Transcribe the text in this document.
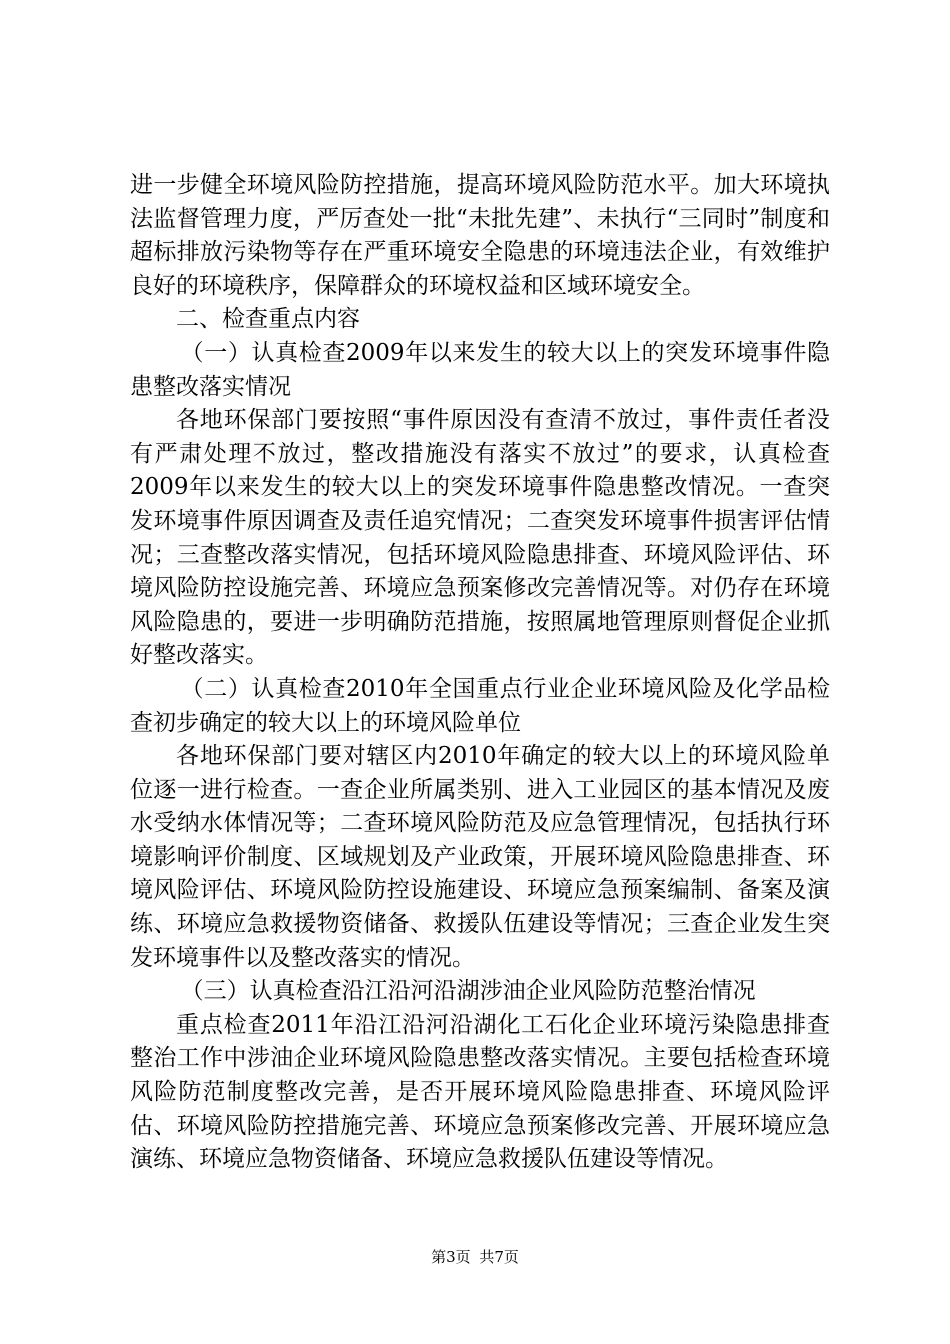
进一步健全环境风险防控措施，提高环境风险防范水平。加大环境执法监督管理力度，严厉查处一批“未批先建”、未执行“三同时”制度和超标排放污染物等存在严重环境安全隐患的环境违法企业，有效维护良好的环境秩序，保障群众的环境权益和区域环境安全。

二、检查重点内容

（一）认真检查2009年以来发生的较大以上的突发环境事件隐患整改落实情况

各地环保部门要按照“事件原因没有查清不放过，事件责任者没有严肃处理不放过，整改措施没有落实不放过”的要求，认真检查2009年以来发生的较大以上的突发环境事件隐患整改情况。一查突发环境事件原因调查及责任追究情况；二查突发环境事件损害评估情况；三查整改落实情况，包括环境风险隐患排查、环境风险评估、环境风险防控设施完善、环境应急预案修改完善情况等。对仍存在环境风险隐患的，要进一步明确防范措施，按照属地管理原则督促企业抓好整改落实。

（二）认真检查2010年全国重点行业企业环境风险及化学品检查初步确定的较大以上的环境风险单位

各地环保部门要对辖区内2010年确定的较大以上的环境风险单位逐一进行检查。一查企业所属类别、进入工业园区的基本情况及废水受纳水体情况等；二查环境风险防范及应急管理情况，包括执行环境影响评价制度、区域规划及产业政策，开展环境风险隐患排查、环境风险评估、环境风险防控设施建设、环境应急预案编制、备案及演练、环境应急救援物资储备、救援队伍建设等情况；三查企业发生突发环境事件以及整改落实的情况。

（三）认真检查沿江沿河沿湖涉油企业风险防范整治情况

重点检查2011年沿江沿河沿湖化工石化企业环境污染隐患排查整治工作中涉油企业环境风险隐患整改落实情况。主要包括检查环境风险防范制度整改完善，是否开展环境风险隐患排查、环境风险评估、环境风险防控措施完善、环境应急预案修改完善、开展环境应急演练、环境应急物资储备、环境应急救援队伍建设等情况。

第3页 共7页
